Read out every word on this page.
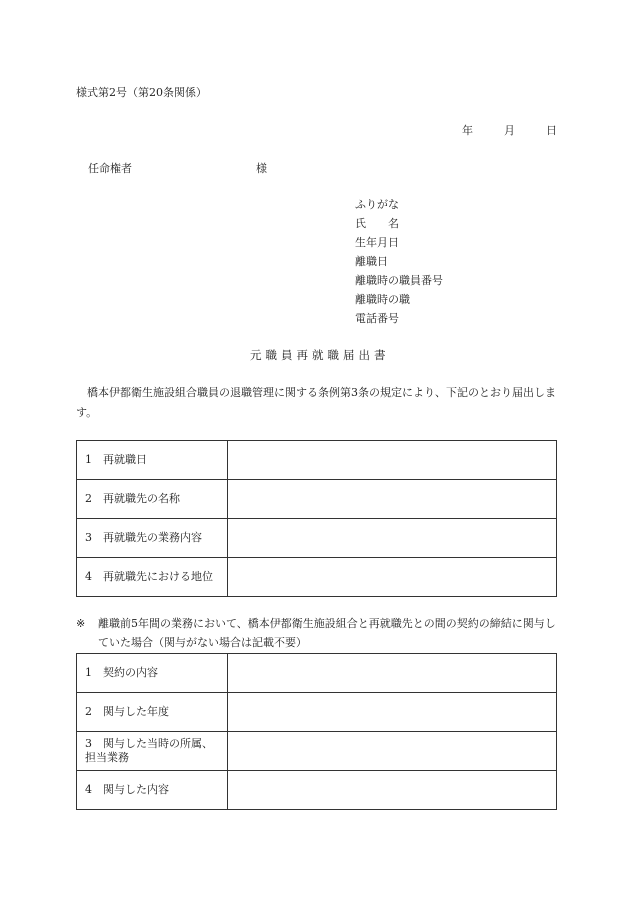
様式第2号（第20条関係）
年	月	日
任命権者	様
ふりがな
氏　　名
生年月日
離職日
離職時の職員番号
離職時の職
電話番号
元職員再就職届出書
　橋本伊都衛生施設組合職員の退職管理に関する条例第3条の規定により、下記のとおり届出します。
1　再就職日	
2　再就職先の名称	
3　再就職先の業務内容	
4　再就職先における地位	
※	離職前5年間の業務において、橋本伊都衛生施設組合と再就職先との間の契約の締結に関与していた場合（関与がない場合は記載不要）
1　契約の内容	
2　関与した年度	
3　関与した当時の所属、担当業務	
4　関与した内容	
